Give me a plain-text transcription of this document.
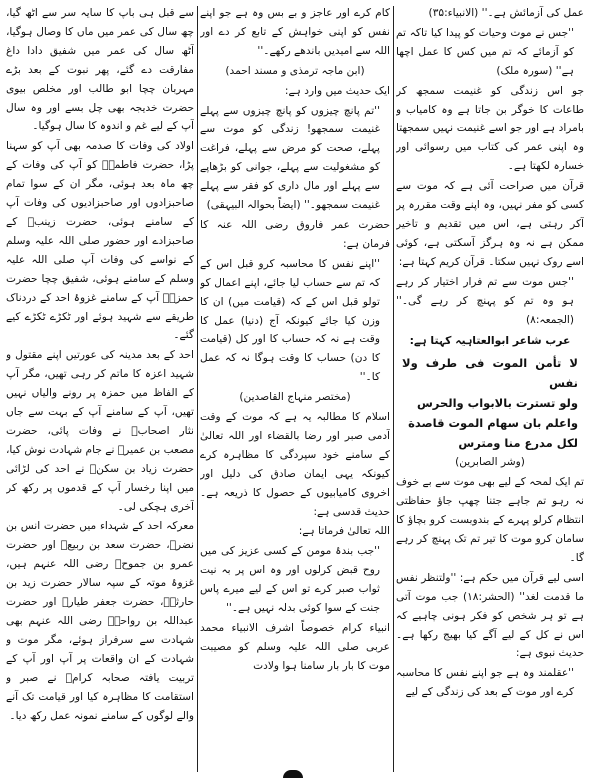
عمل کی آزمائش ہے۔'' (الانبیاء:۳۵)

''جس نے موت وحیات کو پیدا کیا تاکہ تم کو آزمائے کہ تم میں کس کا عمل اچھا ہے'' (سورہ ملک)

جو اس زندگی کو غنیمت سمجھ کر طاعات کا خوگر بن جاتا ہے وہ کامیاب و بامراد ہے اور جو اسے غنیمت نہیں سمجھتا وہ اپنی عمر کی کتاب میں رسوائی اور خسارہ لکھتا ہے۔

قرآن میں صراحت آئی ہے کہ موت سے کسی کو مفر نہیں، وہ اپنے وقت مقررہ پر آکر رہتی ہے، اس میں تقدیم و تاخیر ممکن ہے نہ وہ ہرگز آسکتی ہے، کوئی اسے روک نہیں سکتا۔ قرآن کریم کہتا ہے:

''جس موت سے تم فرار اختیار کر رہے ہو وہ تم کو پہنچ کر رہے گی۔'' (الجمعہ:۸)

عرب شاعر ابوالعتاہیہ کہتا ہے:

لا تأمن الموت فی طرف ولا نفس

ولو تسترت بالابواب والحرس

واعلم بان سهام الموت قاصدة

لكل مدرع منا ومترس

(وشر الصابرین)

تم ایک لمحہ کے لیے بھی موت سے بے خوف نہ رہو تم جاہے جتنا چھپ جاؤ حفاظتی انتظام کرلو پہرے کے بندوبست کرو بچاؤ کا سامان کرو موت کا تیر تم تک پہنچ کر رہے گا۔

اسی لیے قرآن میں حکم ہے: ''ولتنظر نفس ما قدمت لغد'' (الحشر:۱۸) جب موت آتی ہے تو ہر شخص کو فکر ہونی چاہیے کہ اس نے کل کے لیے آگے کیا بھیج رکھا ہے۔ حدیث نبوی ہے:

''عقلمند وہ ہے جو اپنے نفس کا محاسبہ کرے اور موت کے بعد کی زندگی کے لیے

کام کرے اور عاجز و بے بس وہ ہے جو اپنے نفس کو اپنی خواہش کے تابع کر دے اور اللہ سے امیدیں باندھے رکھے۔''

(ابن ماجہ ترمذی و مسند احمد)

ایک حدیث میں وارد ہے:

''تم پانچ چیزوں کو پانچ چیزوں سے پہلے غنیمت سمجھو! زندگی کو موت سے پہلے، صحت کو مرض سے پہلے، فراغت کو مشغولیت سے پہلے، جوانی کو بڑھاپے سے پہلے اور مال داری کو فقر سے پہلے غنیمت سمجھو۔'' (ایضاً بحوالہ البیہقی)

حضرت عمر فاروق رضی اللہ عنہ کا فرمان ہے:

''اپنے نفس کا محاسبہ کرو قبل اس کے کہ تم سے حساب لیا جائے، اپنے اعمال کو تولو قبل اس کے کہ (قیامت میں) ان کا وزن کیا جائے کیونکہ آج (دنیا) عمل کا وقت ہے نہ کہ حساب کا اور کل (قیامت کا دن) حساب کا وقت ہوگا نہ کہ عمل کا۔''

(مختصر منہاج القاصدین)

اسلام کا مطالبہ یہ ہے کہ موت کے وقت آدمی صبر اور رضا بالقضاء اور اللہ تعالیٰ کے سامنے خود سپردگی کا مظاہرہ کرے کیونکہ یہی ایمان صادق کی دلیل اور اخروی کامیابیوں کے حصول کا ذریعہ ہے۔ حدیث قدسی ہے:

اللہ تعالیٰ فرماتا ہے:

''جب بندۂ مومن کے کسی عزیز کی میں روح قبض کرلوں اور وہ اس پر بہ نیت ثواب صبر کرے تو اس کے لیے میرے پاس جنت کے سوا کوئی بدلہ نہیں ہے۔''

انبیاء کرام خصوصاً اشرف الانبیاء محمد عربی صلی اللہ علیہ وسلم کو مصیبت موت کا بار بار سامنا ہوا ولادت

سے قبل ہی باپ کا سایہ سر سے اٹھ گیا، چھ سال کی عمر میں ماں کا وصال ہوگیا، آٹھ سال کی عمر میں شفیق دادا داغ مفارقت دے گئے، پھر نبوت کے بعد بڑے مہربان چچا ابو طالب اور مخلص بیوی حضرت خدیجہ بھی چل بسے اور وہ سال آپ کے لیے غم و اندوہ کا سال ہوگیا۔

اولاد کی وفات کا صدمہ بھی آپ کو سہنا پڑا، حضرت فاطمہؓ کو آپ کی وفات کے چھ ماہ بعد ہوئی، مگر ان کے سوا تمام صاحبزادوں اور صاحبزادیوں کی وفات آپ کے سامنے ہوئی، حضرت زینبؓ کے صاحبزادے اور حضور صلی اللہ علیہ وسلم کے نواسے کی وفات آپ صلی اللہ علیہ وسلم کے سامنے ہوئی، شفیق چچا حضرت حمزہؓ آپ کے سامنے غزوۂ احد کے دردناک طریقے سے شہید ہوئے اور ٹکڑے ٹکڑے کیے گئے۔

احد کے بعد مدینہ کی عورتیں اپنے مقتول و شہید اعزہ کا ماتم کر رہی تھیں، مگر آپ کے الفاظ میں حمزہ پر رونے والیاں نہیں تھیں، آپ کے سامنے آپ کے بہت سے جاں نثار اصحابؓ نے وفات پائی، حضرت مصعب بن عمیرؓ نے جام شہادت نوش کیا، حضرت زیاد بن سکنؓ نے احد کی لڑائی میں اپنا رخسار آپ کے قدموں پر رکھ کر آخری ہچکی لی۔

معرکہ احد کے شہداء میں حضرت انس بن نضرؓ، حضرت سعد بن ربیعؓ اور حضرت عمرو بن جموحؓ رضی اللہ عنہم ہیں، غزوۂ موتہ کے سپہ سالار حضرت زید بن حارثہؓ، حضرت جعفر طیارؓ اور حضرت عبداللہ بن رواحہؓ رضی اللہ عنہم بھی شہادت سے سرفراز ہوئے، مگر موت و شہادت کے ان واقعات پر آپ اور آپ کے تربیت یافتہ صحابہ کرامؓ نے صبر و استقامت کا مظاہرہ کیا اور قیامت تک آنے والے لوگوں کے سامنے نمونہ عمل رکھ دیا۔
